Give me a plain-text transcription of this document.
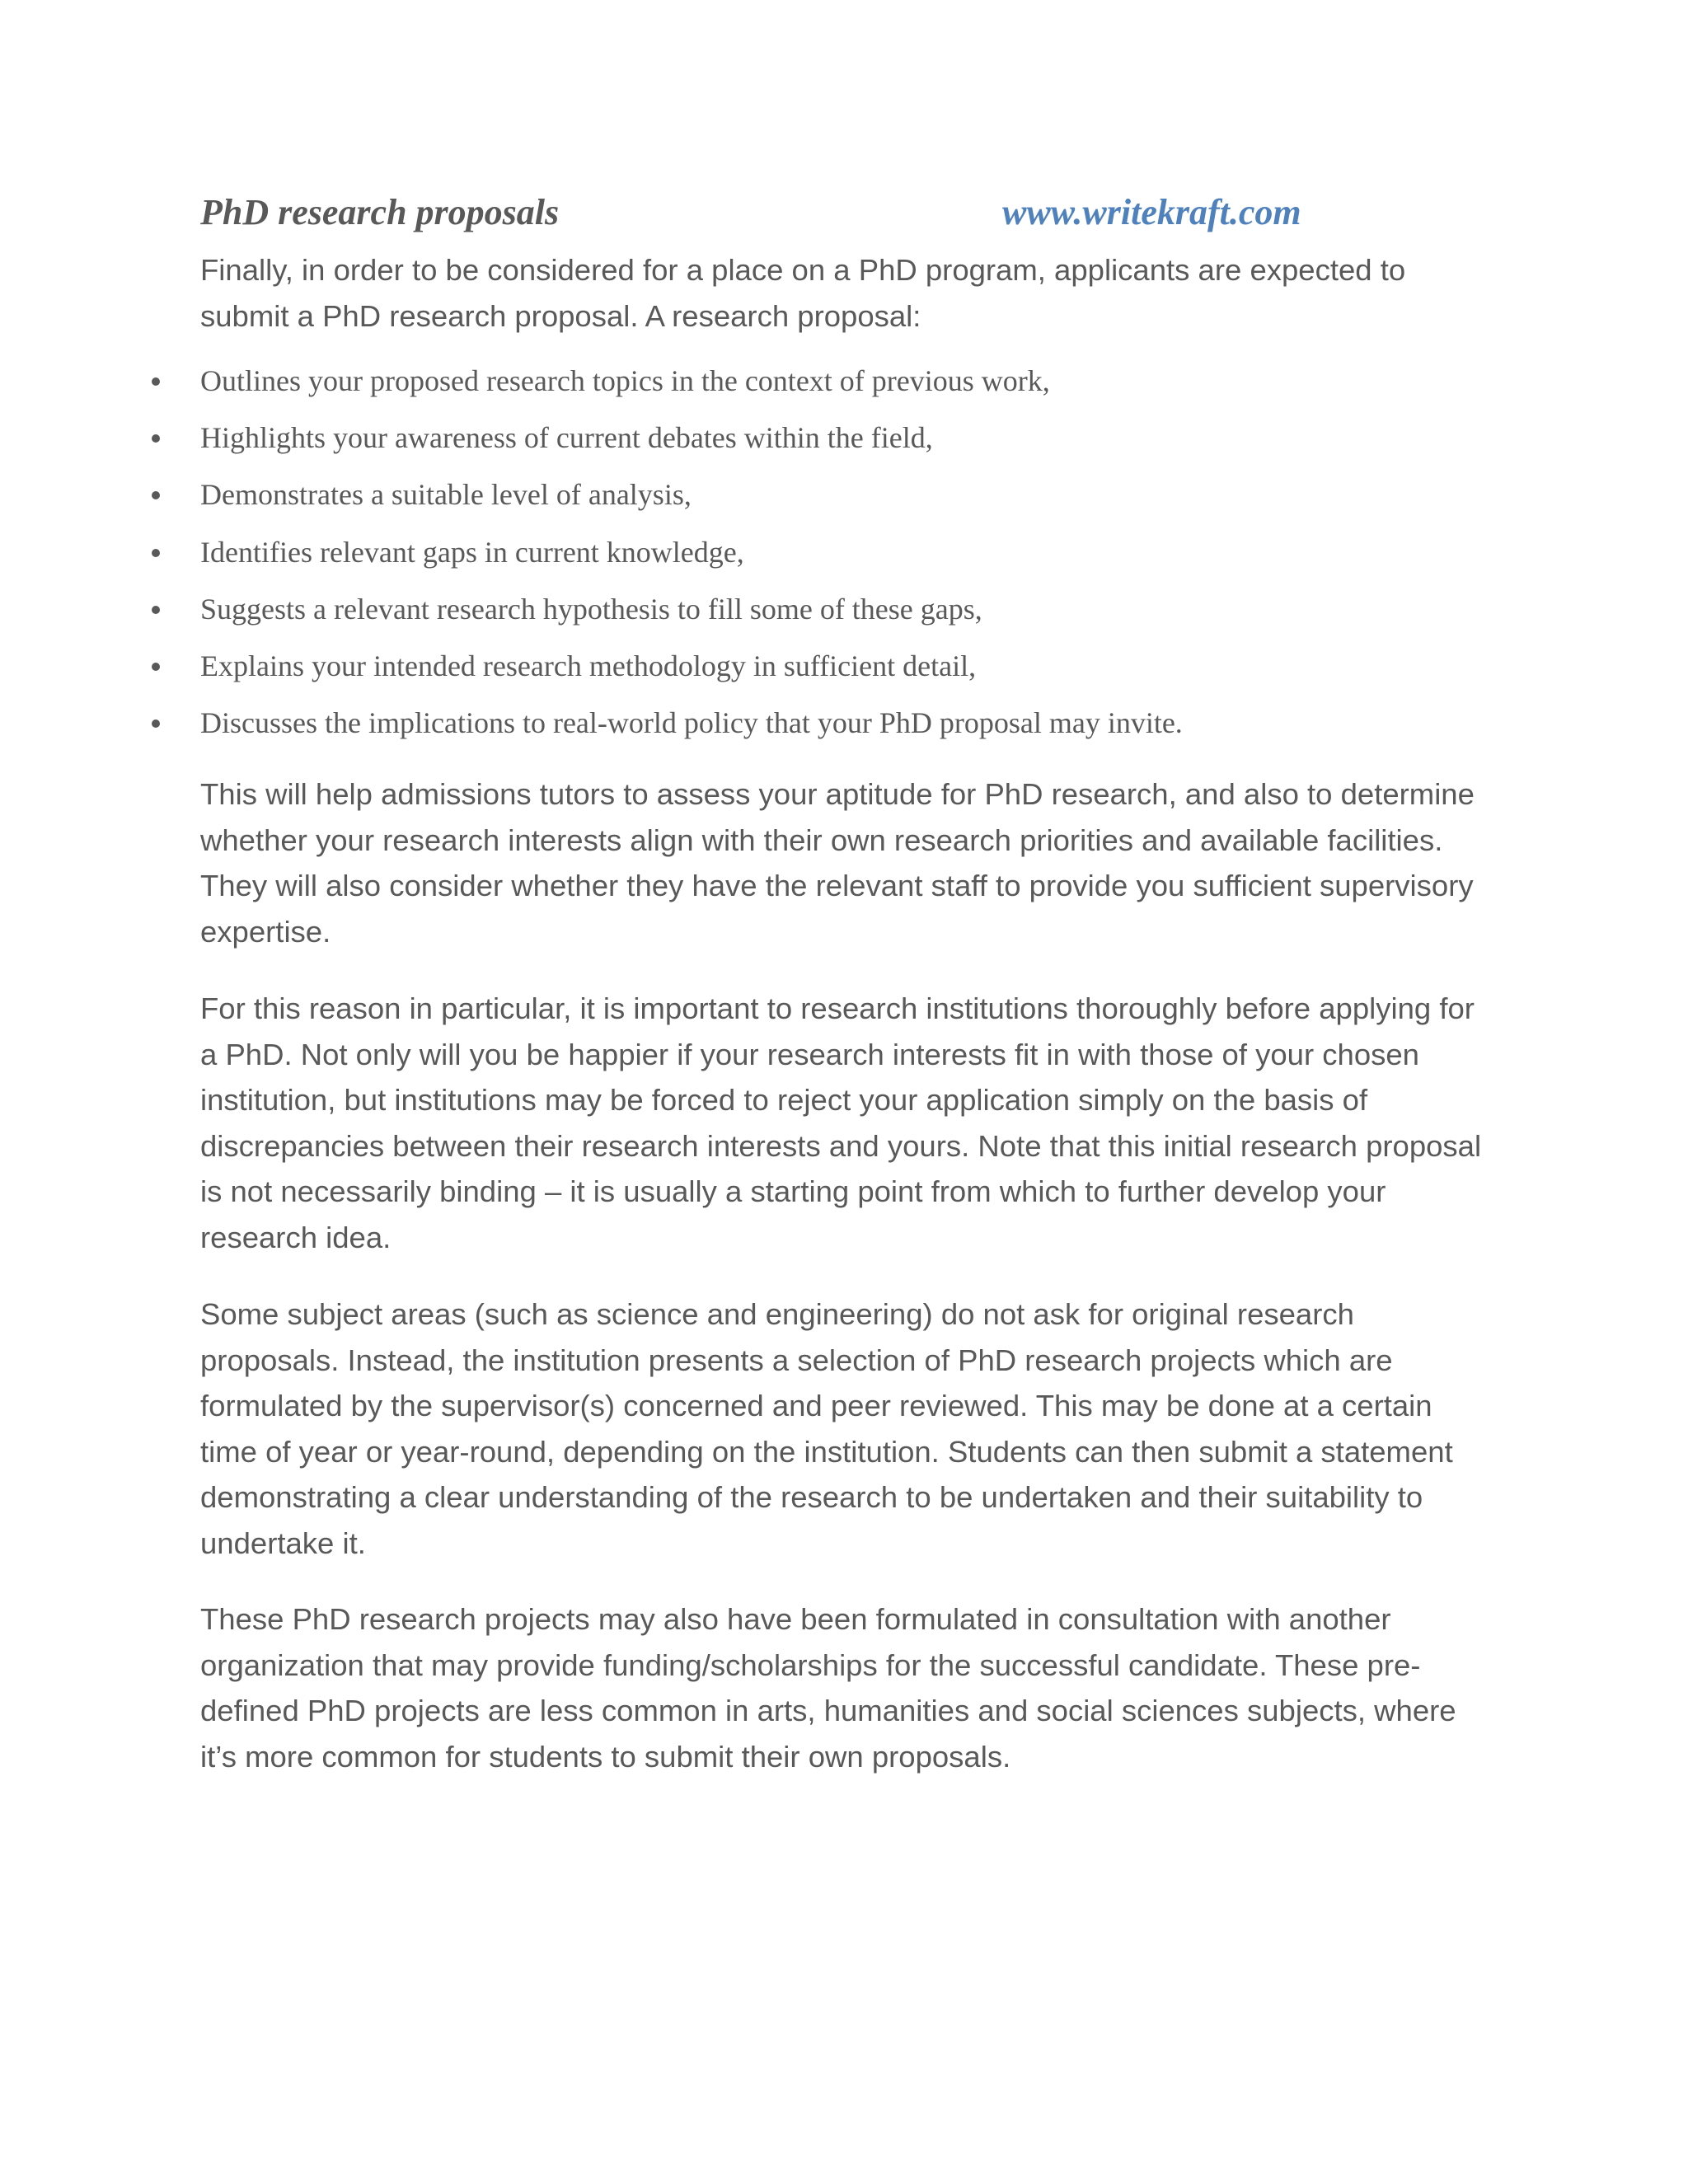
PhD research proposals	www.writekraft.com

Finally, in order to be considered for a place on a PhD program, applicants are expected to submit a PhD research proposal. A research proposal:

Outlines your proposed research topics in the context of previous work,
Highlights your awareness of current debates within the field,
Demonstrates a suitable level of analysis,
Identifies relevant gaps in current knowledge,
Suggests a relevant research hypothesis to fill some of these gaps,
Explains your intended research methodology in sufficient detail,
Discusses the implications to real-world policy that your PhD proposal may invite.

This will help admissions tutors to assess your aptitude for PhD research, and also to determine whether your research interests align with their own research priorities and available facilities. They will also consider whether they have the relevant staff to provide you sufficient supervisory expertise.

For this reason in particular, it is important to research institutions thoroughly before applying for a PhD. Not only will you be happier if your research interests fit in with those of your chosen institution, but institutions may be forced to reject your application simply on the basis of discrepancies between their research interests and yours. Note that this initial research proposal is not necessarily binding – it is usually a starting point from which to further develop your research idea.

Some subject areas (such as science and engineering) do not ask for original research proposals. Instead, the institution presents a selection of PhD research projects which are formulated by the supervisor(s) concerned and peer reviewed. This may be done at a certain time of year or year-round, depending on the institution. Students can then submit a statement demonstrating a clear understanding of the research to be undertaken and their suitability to undertake it.

These PhD research projects may also have been formulated in consultation with another organization that may provide funding/scholarships for the successful candidate. These pre-defined PhD projects are less common in arts, humanities and social sciences subjects, where it’s more common for students to submit their own proposals.
